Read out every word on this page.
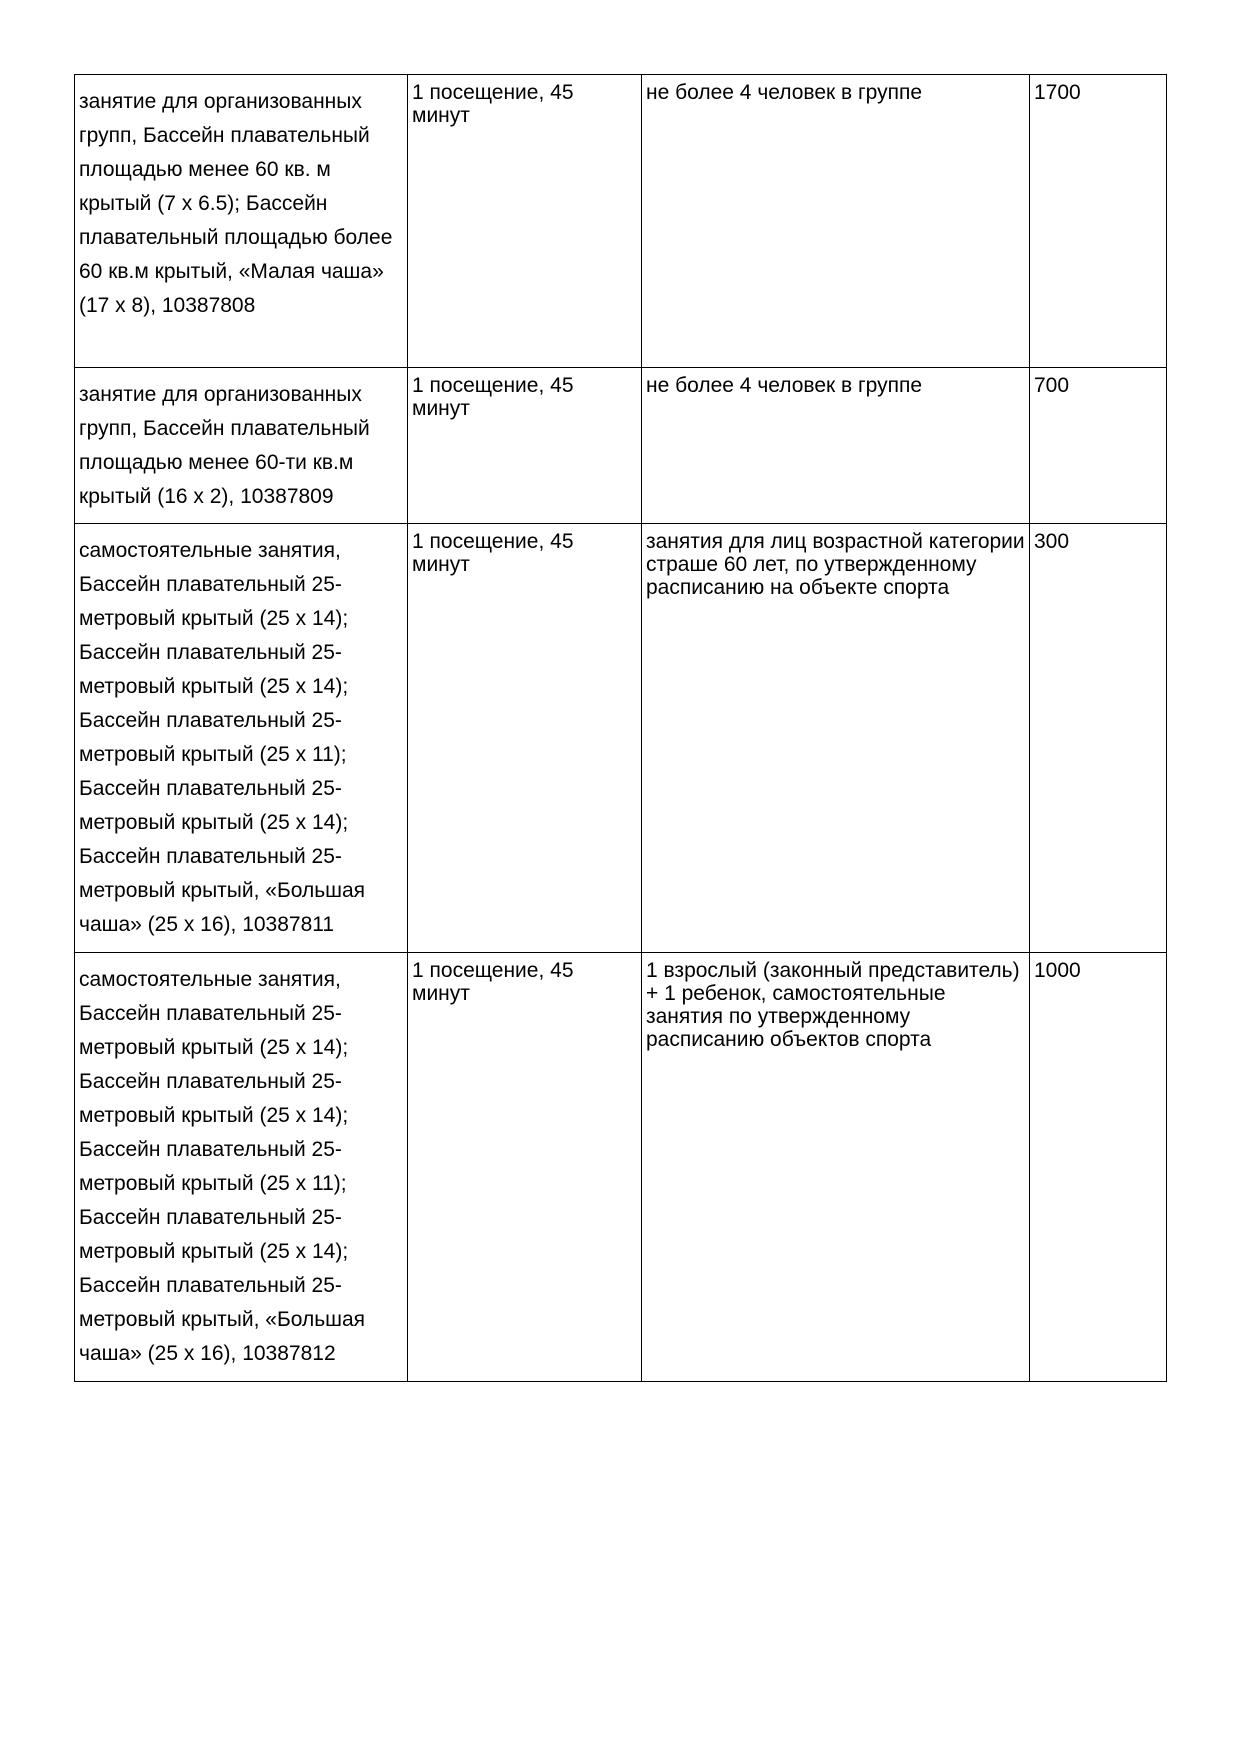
занятие для организованных групп, Бассейн плавательный площадью менее 60 кв. м крытый (7 x 6.5); Бассейн плавательный площадью более 60 кв.м крытый, «Малая чаша» (17 x 8), 10387808	1 посещение, 45 минут	не более 4 человек в группе	1700

занятие для организованных групп, Бассейн плавательный площадью менее 60-ти кв.м крытый (16 x 2), 10387809	1 посещение, 45 минут	не более 4 человек в группе	700

самостоятельные занятия, Бассейн плавательный 25-метровый крытый (25 x 14); Бассейн плавательный 25-метровый крытый (25 x 14); Бассейн плавательный 25-метровый крытый (25 x 11); Бассейн плавательный 25-метровый крытый (25 x 14); Бассейн плавательный 25-метровый крытый, «Большая чаша» (25 x 16), 10387811	1 посещение, 45 минут	занятия для лиц возрастной категории страше 60 лет, по утвержденному расписанию на объекте спорта	300

самостоятельные занятия, Бассейн плавательный 25-метровый крытый (25 x 14); Бассейн плавательный 25-метровый крытый (25 x 14); Бассейн плавательный 25-метровый крытый (25 x 11); Бассейн плавательный 25-метровый крытый (25 x 14); Бассейн плавательный 25-метровый крытый, «Большая чаша» (25 x 16), 10387812	1 посещение, 45 минут	1 взрослый (законный представитель) + 1 ребенок, самостоятельные занятия по утвержденному расписанию объектов спорта	1000
